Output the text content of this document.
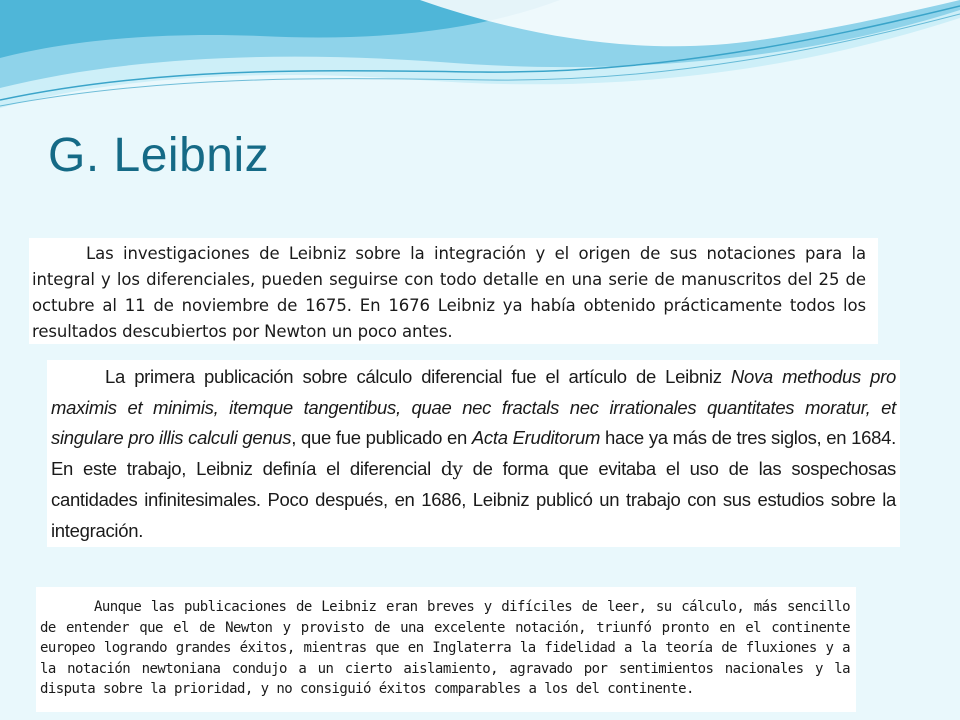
G. Leibniz

Las investigaciones de Leibniz sobre la integración y el origen de sus notaciones para la integral y los diferenciales, pueden seguirse con todo detalle en una serie de manuscritos del 25 de octubre al 11 de noviembre de 1675. En 1676 Leibniz ya había obtenido prácticamente todos los resultados descubiertos por Newton un poco antes.

La primera publicación sobre cálculo diferencial fue el artículo de Leibniz Nova methodus pro maximis et minimis, itemque tangentibus, quae nec fractals nec irrationales quantitates moratur, et singulare pro illis calculi genus, que fue publicado en Acta Eruditorum hace ya más de tres siglos, en 1684. En este trabajo, Leibniz definía el diferencial dy de forma que evitaba el uso de las sospechosas cantidades infinitesimales. Poco después, en 1686, Leibniz publicó un trabajo con sus estudios sobre la integración.

Aunque las publicaciones de Leibniz eran breves y difíciles de leer, su cálculo, más sencillo de entender que el de Newton y provisto de una excelente notación, triunfó pronto en el continente europeo logrando grandes éxitos, mientras que en Inglaterra la fidelidad a la teoría de fluxiones y a la notación newtoniana condujo a un cierto aislamiento, agravado por sentimientos nacionales y la disputa sobre la prioridad, y no consiguió éxitos comparables a los del continente.
